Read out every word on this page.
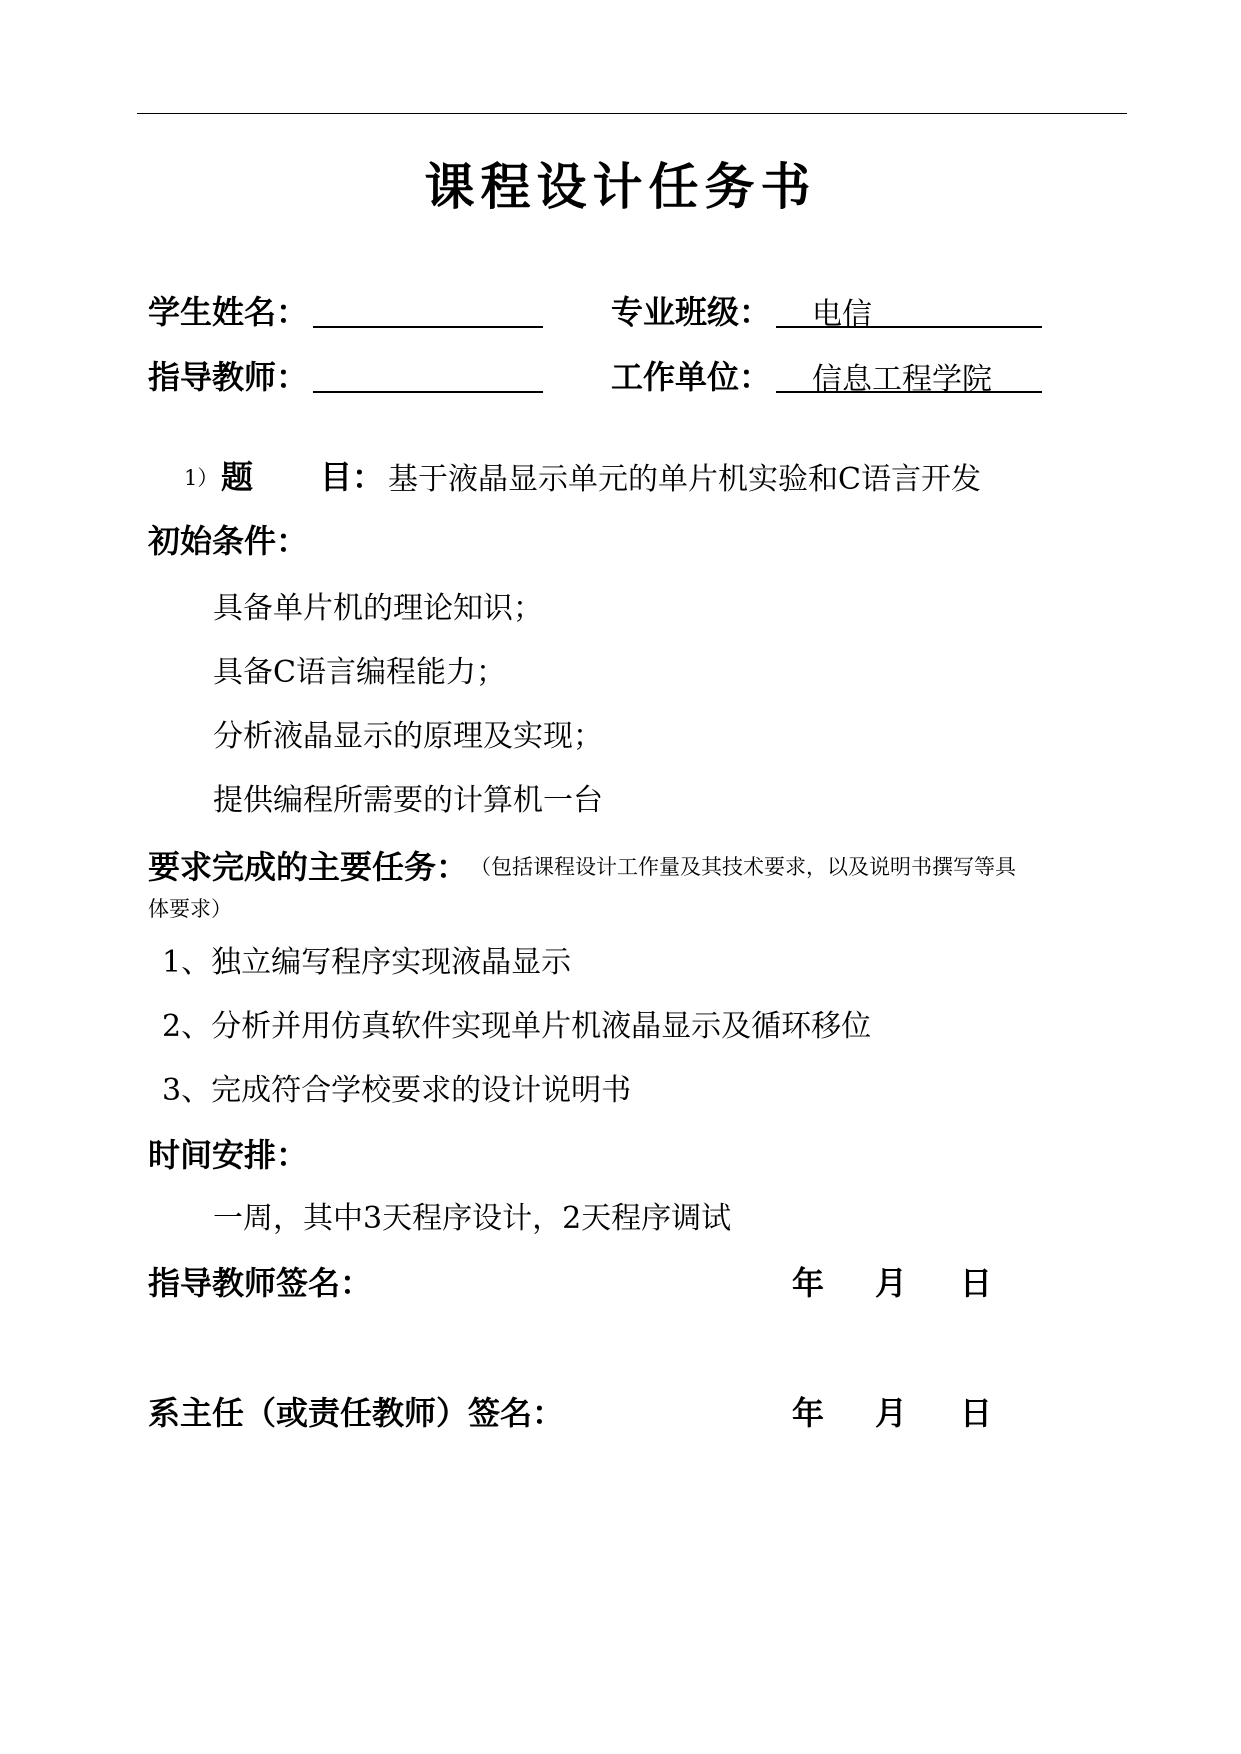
课程设计任务书
学生姓名：	专业班级： 电信
指导教师：	工作单位： 信息工程学院
1） 题 目： 基于液晶显示单元的单片机实验和C语言开发
初始条件：
具备单片机的理论知识；
具备C语言编程能力；
分析液晶显示的原理及实现；
提供编程所需要的计算机一台
要求完成的主要任务： （包括课程设计工作量及其技术要求，以及说明书撰写等具
体要求）
1、独立编写程序实现液晶显示
2、分析并用仿真软件实现单片机液晶显示及循环移位
3、完成符合学校要求的设计说明书
时间安排：
一周，其中3天程序设计，2天程序调试
指导教师签名：	年 月 日
系主任（或责任教师）签名：	年 月 日
